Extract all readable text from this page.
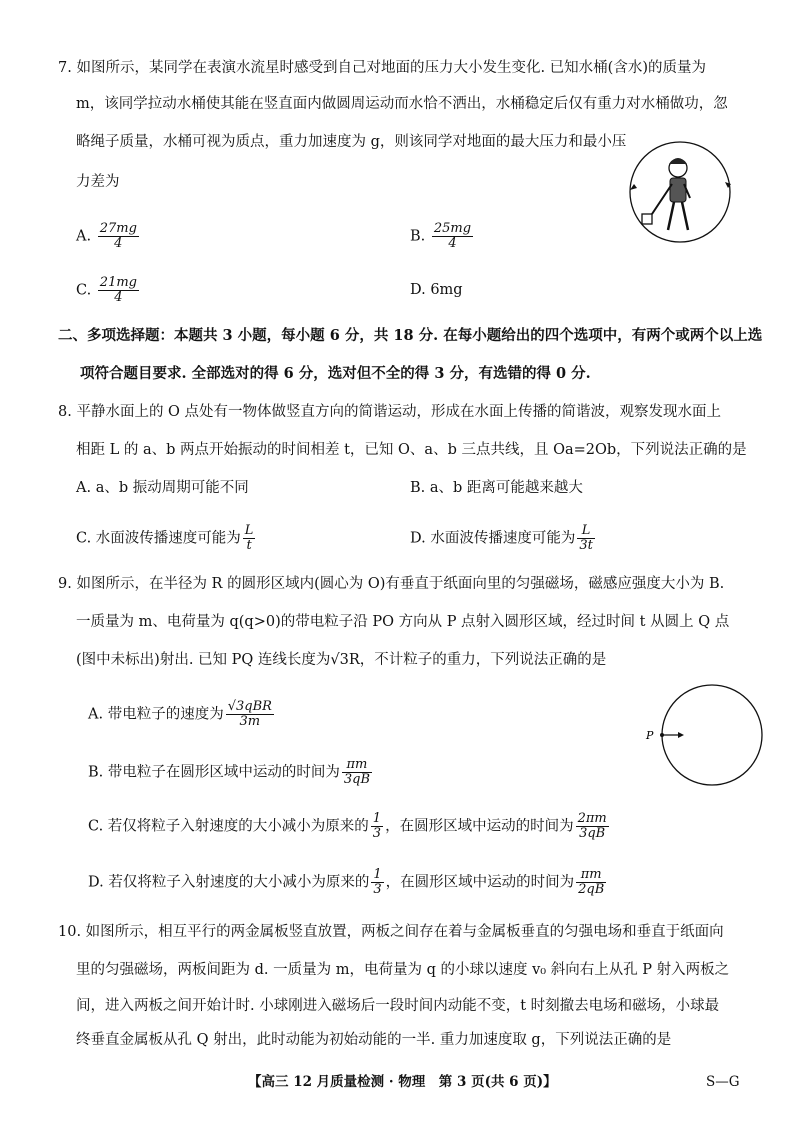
7. 如图所示，某同学在表演水流星时感受到自己对地面的压力大小发生变化. 已知水桶(含水)的质量为
m，该同学拉动水桶使其能在竖直面内做圆周运动而水恰不洒出，水桶稳定后仅有重力对水桶做功，忽
略绳子质量，水桶可视为质点，重力加速度为 g，则该同学对地面的最大压力和最小压
力差为
A. $\frac{27mg}{4}$	B. $\frac{25mg}{4}$
C. $\frac{21mg}{4}$	D. 6mg
二、多项选择题：本题共 3 小题，每小题 6 分，共 18 分. 在每小题给出的四个选项中，有两个或两个以上选
项符合题目要求. 全部选对的得 6 分，选对但不全的得 3 分，有选错的得 0 分.
8. 平静水面上的 O 点处有一物体做竖直方向的简谐运动，形成在水面上传播的简谐波，观察发现水面上
相距 L 的 a、b 两点开始振动的时间相差 t，已知 O、a、b 三点共线，且 Oa=2Ob，下列说法正确的是
A. a、b 振动周期可能不同	B. a、b 距离可能越来越大
C. 水面波传播速度可能为 $\frac{L}{t}$	D. 水面波传播速度可能为 $\frac{L}{3t}$
9. 如图所示，在半径为 R 的圆形区域内(圆心为 O)有垂直于纸面向里的匀强磁场，磁感应强度大小为 B.
一质量为 m、电荷量为 q(q>0)的带电粒子沿 PO 方向从 P 点射入圆形区域，经过时间 t 从圆上 Q 点
(图中未标出)射出. 已知 PQ 连线长度为√3R，不计粒子的重力，下列说法正确的是
A. 带电粒子的速度为 $\frac{\text{√3qBR}}{3m}$
B. 带电粒子在圆形区域中运动的时间为 $\frac{\pi m}{3qB}$
C. 若仅将粒子入射速度的大小减小为原来的 $\frac{1}{3}$ ，在圆形区域中运动的时间为 $\frac{2\pi m}{3qB}$
D. 若仅将粒子入射速度的大小减小为原来的 $\frac{1}{3}$ ，在圆形区域中运动的时间为 $\frac{\pi m}{2qB}$
P
10. 如图所示，相互平行的两金属板竖直放置，两板之间存在着与金属板垂直的匀强电场和垂直于纸面向
里的匀强磁场，两板间距为 d. 一质量为 m，电荷量为 q 的小球以速度 v₀ 斜向右上从孔 P 射入两板之
间，进入两板之间开始计时. 小球刚进入磁场后一段时间内动能不变，t 时刻撤去电场和磁场，小球最
终垂直金属板从孔 Q 射出，此时动能为初始动能的一半. 重力加速度取 g，下列说法正确的是
【高三 12 月质量检测 · 物理　第 3 页(共 6 页)】	S—G
